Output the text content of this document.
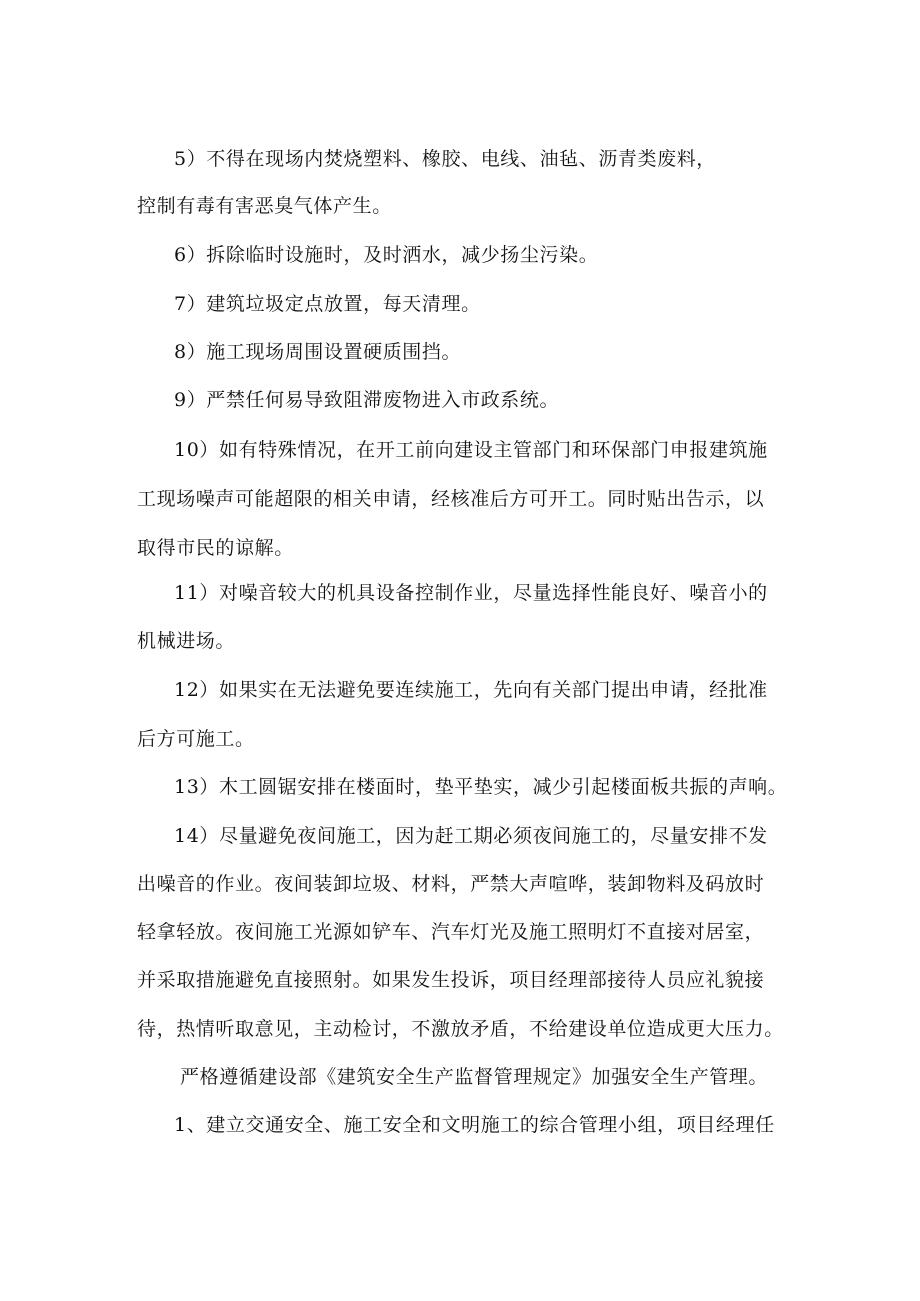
5）不得在现场内焚烧塑料、橡胶、电线、油毡、沥青类废料，

控制有毒有害恶臭气体产生。

6）拆除临时设施时，及时洒水，减少扬尘污染。

7）建筑垃圾定点放置，每天清理。

8）施工现场周围设置硬质围挡。

9）严禁任何易导致阻滞废物进入市政系统。

10）如有特殊情况，在开工前向建设主管部门和环保部门申报建筑施

工现场噪声可能超限的相关申请，经核准后方可开工。同时贴出告示，以

取得市民的谅解。

11）对噪音较大的机具设备控制作业，尽量选择性能良好、噪音小的

机械进场。

12）如果实在无法避免要连续施工，先向有关部门提出申请，经批准

后方可施工。

13）木工圆锯安排在楼面时，垫平垫实，减少引起楼面板共振的声响。

14）尽量避免夜间施工，因为赶工期必须夜间施工的，尽量安排不发

出噪音的作业。夜间装卸垃圾、材料，严禁大声喧哗，装卸物料及码放时

轻拿轻放。夜间施工光源如铲车、汽车灯光及施工照明灯不直接对居室，

并采取措施避免直接照射。如果发生投诉，项目经理部接待人员应礼貌接

待，热情听取意见，主动检讨，不激放矛盾，不给建设单位造成更大压力。

严格遵循建设部《建筑安全生产监督管理规定》加强安全生产管理。

1、建立交通安全、施工安全和文明施工的综合管理小组，项目经理任
